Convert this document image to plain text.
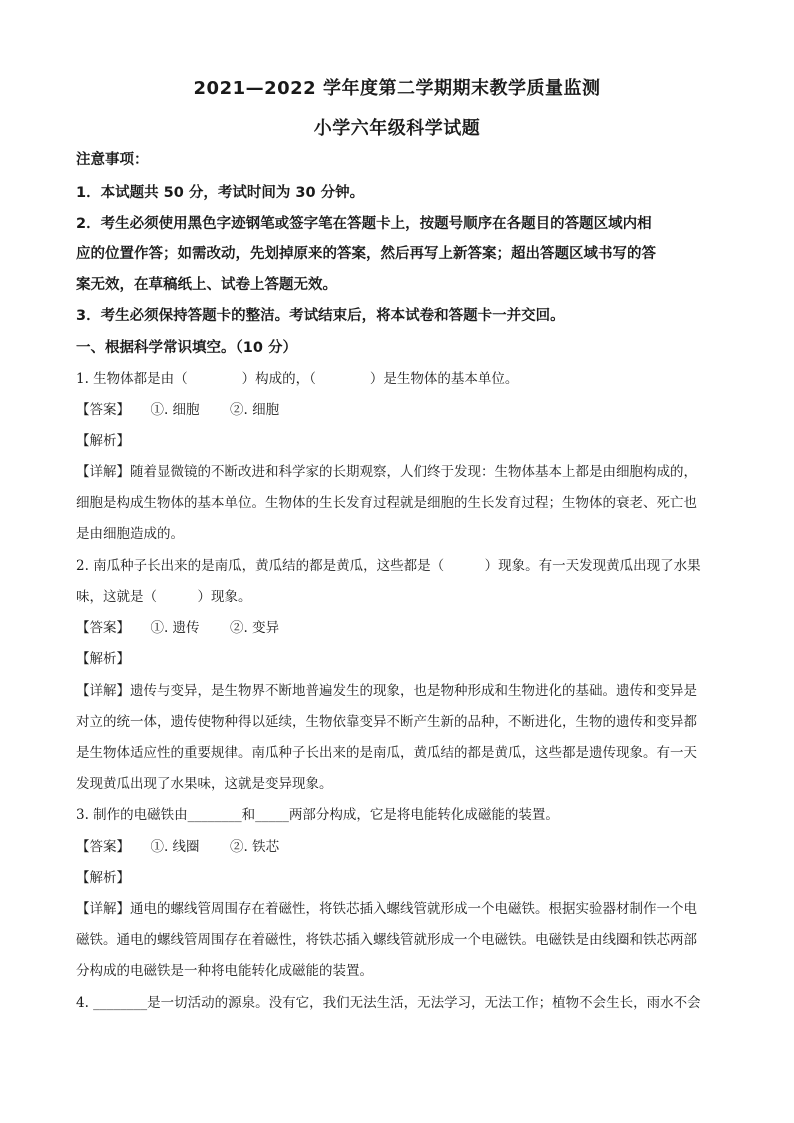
2021—2022 学年度第二学期期末教学质量监测
小学六年级科学试题

注意事项：

1．本试题共 50 分，考试时间为 30 分钟。

2．考生必须使用黑色字迹钢笔或签字笔在答题卡上，按题号顺序在各题目的答题区域内相

应的位置作答；如需改动，先划掉原来的答案，然后再写上新答案；超出答题区域书写的答

案无效，在草稿纸上、试卷上答题无效。

3．考生必须保持答题卡的整洁。考试结束后，将本试卷和答题卡一并交回。

一、根据科学常识填空。（10 分）

1. 生物体都是由（　　　　）构成的，（　　　　）是生物体的基本单位。

【答案】 ①. 细胞 ②. 细胞

【解析】

【详解】随着显微镜的不断改进和科学家的长期观察，人们终于发现：生物体基本上都是由细胞构成的，

细胞是构成生物体的基本单位。生物体的生长发育过程就是细胞的生长发育过程；生物体的衰老、死亡也

是由细胞造成的。

2. 南瓜种子长出来的是南瓜，黄瓜结的都是黄瓜，这些都是（　　　）现象。有一天发现黄瓜出现了水果

味，这就是（　　　）现象。

【答案】 ①. 遗传 ②. 变异

【解析】

【详解】遗传与变异，是生物界不断地普遍发生的现象，也是物种形成和生物进化的基础。遗传和变异是

对立的统一体，遗传使物种得以延续，生物依靠变异不断产生新的品种，不断进化，生物的遗传和变异都

是生物体适应性的重要规律。南瓜种子长出来的是南瓜，黄瓜结的都是黄瓜，这些都是遗传现象。有一天

发现黄瓜出现了水果味，这就是变异现象。

3. 制作的电磁铁由________和_____两部分构成，它是将电能转化成磁能的装置。

【答案】 ①. 线圈 ②. 铁芯

【解析】

【详解】通电的螺线管周围存在着磁性，将铁芯插入螺线管就形成一个电磁铁。根据实验器材制作一个电

磁铁。通电的螺线管周围存在着磁性，将铁芯插入螺线管就形成一个电磁铁。电磁铁是由线圈和铁芯两部

分构成的电磁铁是一种将电能转化成磁能的装置。

4. ________是一切活动的源泉。没有它，我们无法生活，无法学习，无法工作；植物不会生长，雨水不会
